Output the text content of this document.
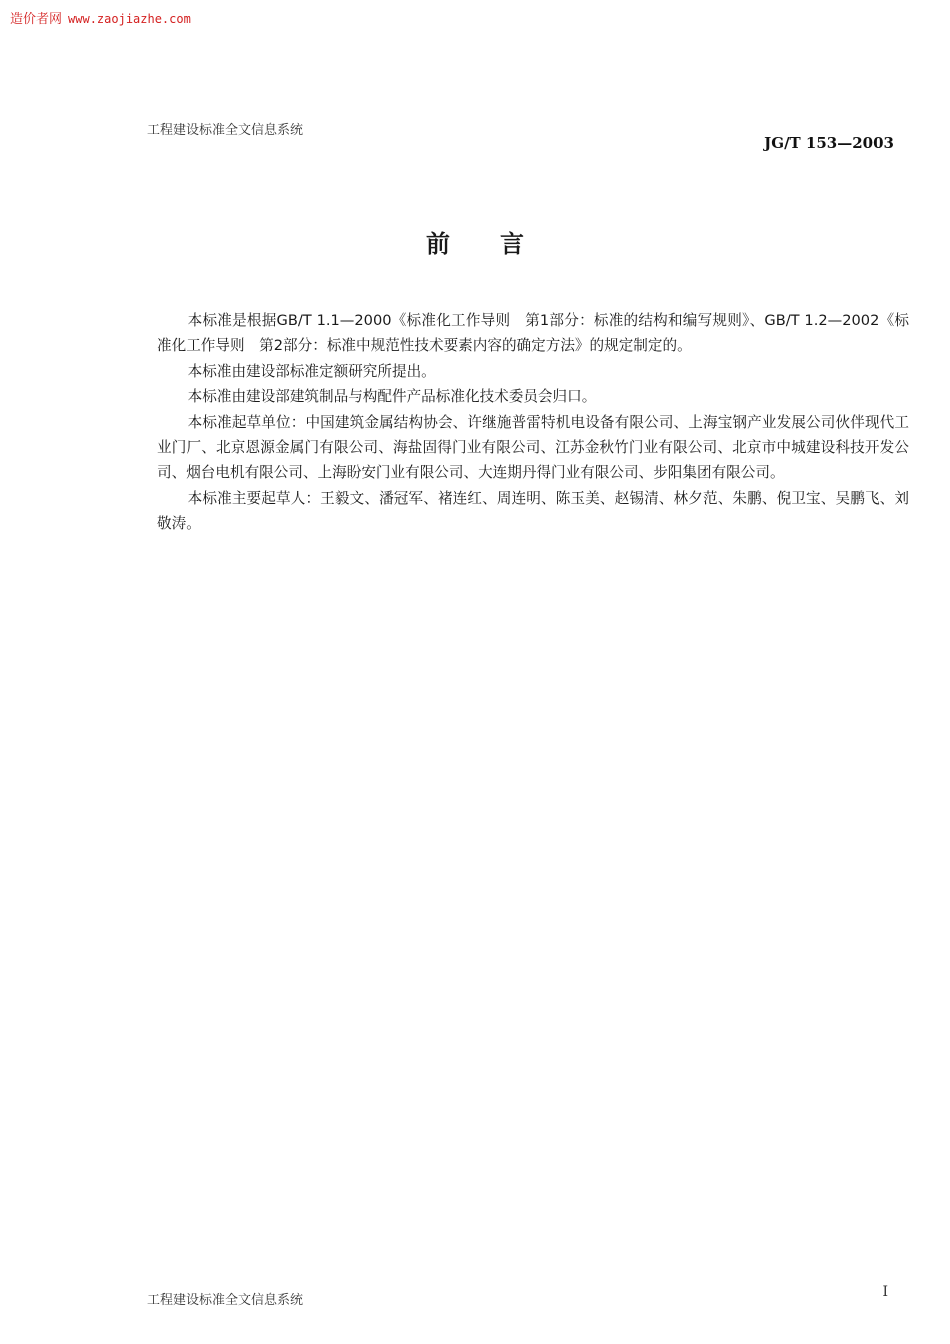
造价者网 www.zaojiazhe.com
工程建设标准全文信息系统
JG/T 153—2003
前言

本标准是根据GB/T 1.1—2000《标准化工作导则　第1部分：标准的结构和编写规则》、GB/T 1.2—2002《标准化工作导则　第2部分：标准中规范性技术要素内容的确定方法》的规定制定的。

本标准由建设部标准定额研究所提出。

本标准由建设部建筑制品与构配件产品标准化技术委员会归口。

本标准起草单位：中国建筑金属结构协会、许继施普雷特机电设备有限公司、上海宝钢产业发展公司伙伴现代工业门厂、北京恩源金属门有限公司、海盐固得门业有限公司、江苏金秋竹门业有限公司、北京市中城建设科技开发公司、烟台电机有限公司、上海盼安门业有限公司、大连期丹得门业有限公司、步阳集团有限公司。

本标准主要起草人：王毅文、潘冠军、褚连红、周连明、陈玉美、赵锡清、林夕范、朱鹏、倪卫宝、吴鹏飞、刘敬涛。

工程建设标准全文信息系统
I
